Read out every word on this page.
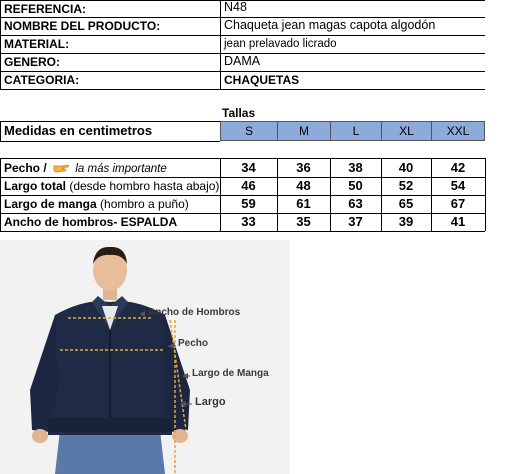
REFERENCIA:	N48
NOMBRE DEL PRODUCTO:	Chaqueta jean magas capota algodón
MATERIAL:	jean prelavado licrado
GENERO:	DAMA
CATEGORIA:	CHAQUETAS
Tallas
Medidas en centimetros	S	M	L	XL	XXL
Pecho / la más importante	34	36	38	40	42
Largo total (desde hombro hasta abajo)	46	48	50	52	54
Largo de manga (hombro a puño)	59	61	63	65	67
Ancho de hombros- ESPALDA	33	35	37	39	41
Ancho de Hombros
Pecho
Largo de Manga
Largo
